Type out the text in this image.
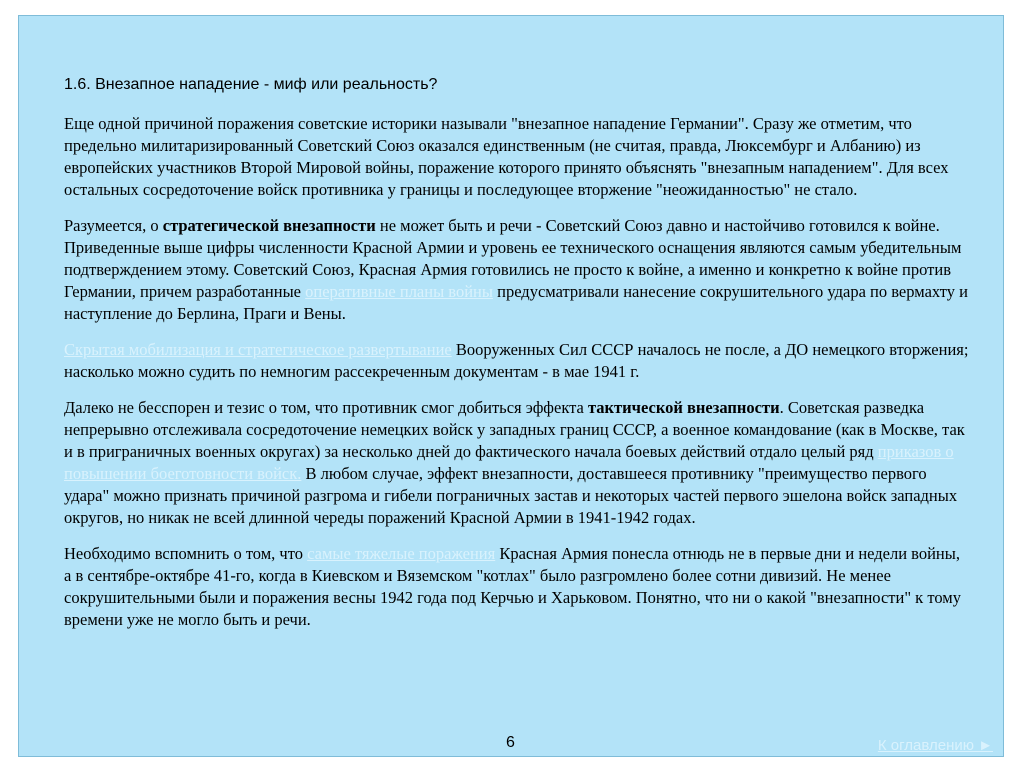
1.6. Внезапное нападение - миф или реальность?

Еще одной причиной поражения советские историки называли "внезапное нападение Германии". Сразу же отметим, что предельно милитаризированный Советский Союз оказался единственным (не считая, правда, Люксембург и Албанию) из европейских участников Второй Мировой войны, поражение которого принято объяснять "внезапным нападением". Для всех остальных сосредоточение войск противника у границы и последующее вторжение "неожиданностью" не стало.

Разумеется, о стратегической внезапности не может быть и речи - Советский Союз давно и настойчиво готовился к войне. Приведенные выше цифры численности Красной Армии и уровень ее технического оснащения являются самым убедительным подтверждением этому. Советский Союз, Красная Армия готовились не просто к войне, а именно и конкретно к войне против Германии, причем разработанные оперативные планы войны предусматривали нанесение сокрушительного удара по вермахту и наступление до Берлина, Праги и Вены.

Скрытая мобилизация и стратегическое развертывание Вооруженных Сил СССР началось не после, а ДО немецкого вторжения; насколько можно судить по немногим рассекреченным документам - в мае 1941 г.

Далеко не бесспорен и тезис о том, что противник смог добиться эффекта тактической внезапности. Советская разведка непрерывно отслеживала сосредоточение немецких войск у западных границ СССР, а военное командование (как в Москве, так и в приграничных военных округах) за несколько дней до фактического начала боевых действий отдало целый ряд приказов о повышении боеготовности войск. В любом случае, эффект внезапности, доставшееся противнику "преимущество первого удара" можно признать причиной разгрома и гибели пограничных застав и некоторых частей первого эшелона войск западных округов, но никак не всей длинной череды поражений Красной Армии в 1941-1942 годах.

Необходимо вспомнить о том, что самые тяжелые поражения Красная Армия понесла отнюдь не в первые дни и недели войны, а в сентябре-октябре 41-го, когда в Киевском и Вяземском "котлах" было разгромлено более сотни дивизий. Не менее сокрушительными были и поражения весны 1942 года под Керчью и Харьковом. Понятно, что ни о какой "внезапности" к тому времени уже не могло быть и речи.

6	К оглавлению ►
